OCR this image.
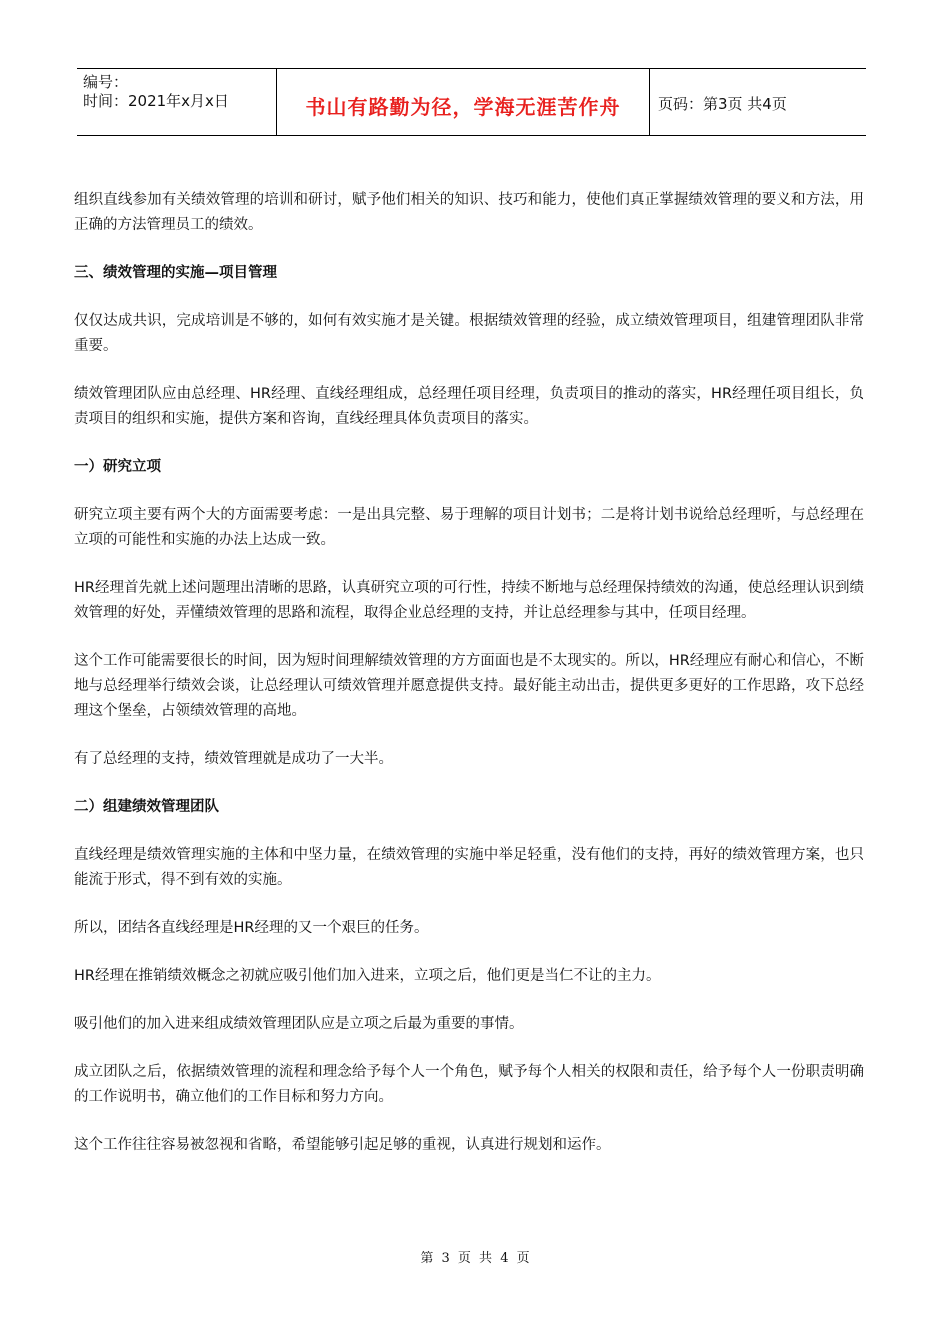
编号：
时间：2021年x月x日	书山有路勤为径，学海无涯苦作舟	页码：第3页 共4页

组织直线参加有关绩效管理的培训和研讨，赋予他们相关的知识、技巧和能力，使他们真正掌握绩效管理的要义和方法，用正确的方法管理员工的绩效。

三、绩效管理的实施—项目管理

仅仅达成共识，完成培训是不够的，如何有效实施才是关键。根据绩效管理的经验，成立绩效管理项目，组建管理团队非常重要。

绩效管理团队应由总经理、HR经理、直线经理组成，总经理任项目经理，负责项目的推动的落实，HR经理任项目组长，负责项目的组织和实施，提供方案和咨询，直线经理具体负责项目的落实。

一）研究立项

研究立项主要有两个大的方面需要考虑：一是出具完整、易于理解的项目计划书；二是将计划书说给总经理听，与总经理在立项的可能性和实施的办法上达成一致。

HR经理首先就上述问题理出清晰的思路，认真研究立项的可行性，持续不断地与总经理保持绩效的沟通，使总经理认识到绩效管理的好处，弄懂绩效管理的思路和流程，取得企业总经理的支持，并让总经理参与其中，任项目经理。

这个工作可能需要很长的时间，因为短时间理解绩效管理的方方面面也是不太现实的。所以，HR经理应有耐心和信心，不断地与总经理举行绩效会谈，让总经理认可绩效管理并愿意提供支持。最好能主动出击，提供更多更好的工作思路，攻下总经理这个堡垒，占领绩效管理的高地。

有了总经理的支持，绩效管理就是成功了一大半。

二）组建绩效管理团队

直线经理是绩效管理实施的主体和中坚力量，在绩效管理的实施中举足轻重，没有他们的支持，再好的绩效管理方案，也只能流于形式，得不到有效的实施。

所以，团结各直线经理是HR经理的又一个艰巨的任务。

HR经理在推销绩效概念之初就应吸引他们加入进来，立项之后，他们更是当仁不让的主力。

吸引他们的加入进来组成绩效管理团队应是立项之后最为重要的事情。

成立团队之后，依据绩效管理的流程和理念给予每个人一个角色，赋予每个人相关的权限和责任，给予每个人一份职责明确的工作说明书，确立他们的工作目标和努力方向。

这个工作往往容易被忽视和省略，希望能够引起足够的重视，认真进行规划和运作。

第 3 页 共 4 页
